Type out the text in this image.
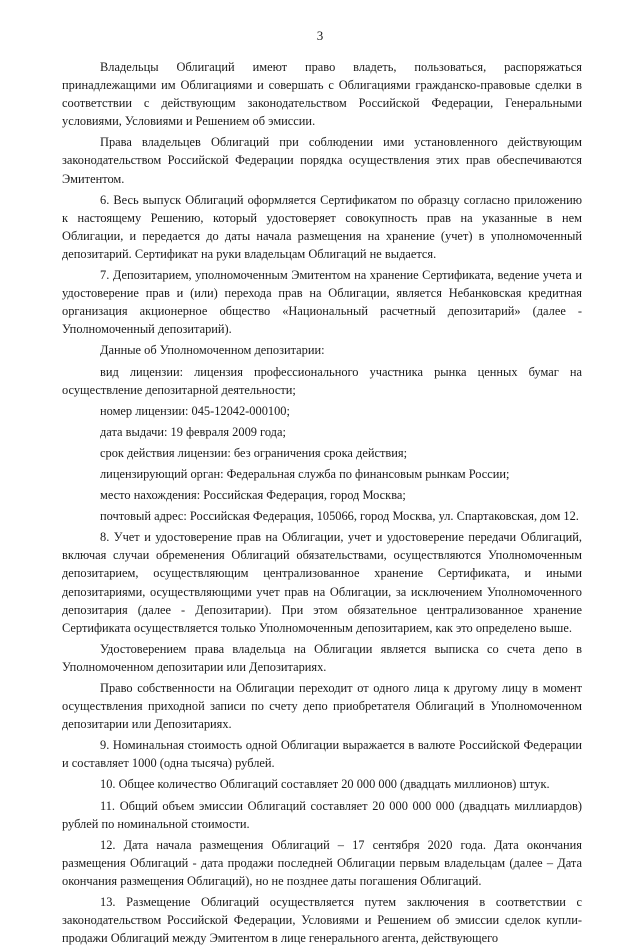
3

Владельцы Облигаций имеют право владеть, пользоваться, распоряжаться принадлежащими им Облигациями и совершать с Облигациями гражданско-правовые сделки в соответствии с действующим законодательством Российской Федерации, Генеральными условиями, Условиями и Решением об эмиссии.

Права владельцев Облигаций при соблюдении ими установленного действующим законодательством Российской Федерации порядка осуществления этих прав обеспечиваются Эмитентом.

6. Весь выпуск Облигаций оформляется Сертификатом по образцу согласно приложению к настоящему Решению, который удостоверяет совокупность прав на указанные в нем Облигации, и передается до даты начала размещения на хранение (учет) в уполномоченный депозитарий. Сертификат на руки владельцам Облигаций не выдается.

7. Депозитарием, уполномоченным Эмитентом на хранение Сертификата, ведение учета и удостоверение прав и (или) перехода прав на Облигации, является Небанковская кредитная организация акционерное общество «Национальный расчетный депозитарий» (далее - Уполномоченный депозитарий).

Данные об Уполномоченном депозитарии:

вид лицензии: лицензия профессионального участника рынка ценных бумаг на осуществление депозитарной деятельности;

номер лицензии: 045-12042-000100;

дата выдачи: 19 февраля 2009 года;

срок действия лицензии: без ограничения срока действия;

лицензирующий орган: Федеральная служба по финансовым рынкам России;

место нахождения: Российская Федерация, город Москва;

почтовый адрес: Российская Федерация, 105066, город Москва, ул. Спартаковская, дом 12.

8. Учет и удостоверение прав на Облигации, учет и удостоверение передачи Облигаций, включая случаи обременения Облигаций обязательствами, осуществляются Уполномоченным депозитарием, осуществляющим централизованное хранение Сертификата, и иными депозитариями, осуществляющими учет прав на Облигации, за исключением Уполномоченного депозитария (далее - Депозитарии). При этом обязательное централизованное хранение Сертификата осуществляется только Уполномоченным депозитарием, как это определено выше.

Удостоверением права владельца на Облигации является выписка со счета депо в Уполномоченном депозитарии или Депозитариях.

Право собственности на Облигации переходит от одного лица к другому лицу в момент осуществления приходной записи по счету депо приобретателя Облигаций в Уполномоченном депозитарии или Депозитариях.

9. Номинальная стоимость одной Облигации выражается в валюте Российской Федерации и составляет 1000 (одна тысяча) рублей.

10. Общее количество Облигаций составляет 20 000 000 (двадцать миллионов) штук.

11. Общий объем эмиссии Облигаций составляет 20 000 000 000 (двадцать миллиардов) рублей по номинальной стоимости.

12. Дата начала размещения Облигаций – 17 сентября 2020 года. Дата окончания размещения Облигаций - дата продажи последней Облигации первым владельцам (далее – Дата окончания размещения Облигаций), но не позднее даты погашения Облигаций.

13. Размещение Облигаций осуществляется путем заключения в соответствии с законодательством Российской Федерации, Условиями и Решением об эмиссии сделок купли-продажи Облигаций между Эмитентом в лице генерального агента, действующего
